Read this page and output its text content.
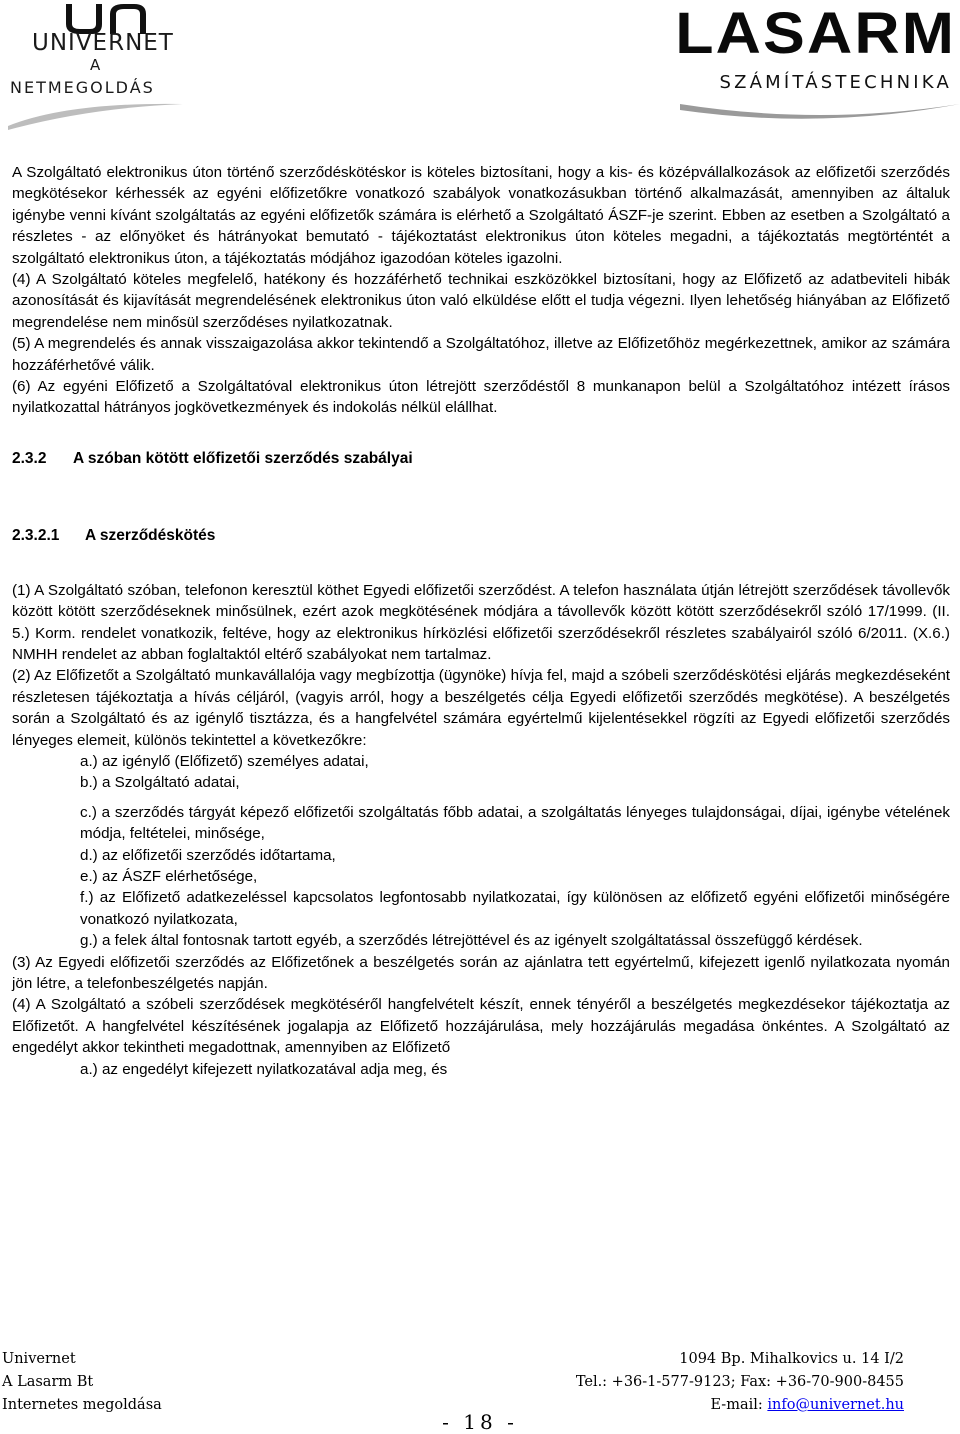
UNIVERNET
A
NETMEGOLDÁS
LASARM
SZÁMÍTÁSTECHNIKA

A Szolgáltató elektronikus úton történő szerződéskötéskor is köteles biztosítani, hogy a kis- és középvállalkozások az előfizetői szerződés megkötésekor kérhessék az egyéni előfizetőkre vonatkozó szabályok vonatkozásukban történő alkalmazását, amennyiben az általuk igénybe venni kívánt szolgáltatás az egyéni előfizetők számára is elérhető a Szolgáltató ÁSZF-je szerint. Ebben az esetben a Szolgáltató a részletes - az előnyöket és hátrányokat bemutató - tájékoztatást elektronikus úton köteles megadni, a tájékoztatás megtörténtét a szolgáltató elektronikus úton, a tájékoztatás módjához igazodóan köteles igazolni.

(4) A Szolgáltató köteles megfelelő, hatékony és hozzáférhető technikai eszközökkel biztosítani, hogy az Előfizető az adatbeviteli hibák azonosítását és kijavítását megrendelésének elektronikus úton való elküldése előtt el tudja végezni. Ilyen lehetőség hiányában az Előfizető megrendelése nem minősül szerződéses nyilatkozatnak.

(5) A megrendelés és annak visszaigazolása akkor tekintendő a Szolgáltatóhoz, illetve az Előfizetőhöz megérkezettnek, amikor az számára hozzáférhetővé válik.

(6) Az egyéni Előfizető a Szolgáltatóval elektronikus úton létrejött szerződéstől 8 munkanapon belül a Szolgáltatóhoz intézett írásos nyilatkozattal hátrányos jogkövetkezmények és indokolás nélkül elállhat.

2.3.2	A szóban kötött előfizetői szerződés szabályai
2.3.2.1	A szerződéskötés

(1) A Szolgáltató szóban, telefonon keresztül köthet Egyedi előfizetői szerződést. A telefon használata útján létrejött szerződések távollevők között kötött szerződéseknek minősülnek, ezért azok megkötésének módjára a távollevők között kötött szerződésekről szóló 17/1999. (II. 5.) Korm. rendelet vonatkozik, feltéve, hogy az elektronikus hírközlési előfizetői szerződésekről részletes szabályairól szóló 6/2011. (X.6.) NMHH rendelet az abban foglaltaktól eltérő szabályokat nem tartalmaz.

(2) Az Előfizetőt a Szolgáltató munkavállalója vagy megbízottja (ügynöke) hívja fel, majd a szóbeli szerződéskötési eljárás megkezdéseként részletesen tájékoztatja a hívás céljáról, (vagyis arról, hogy a beszélgetés célja Egyedi előfizetői szerződés megkötése). A beszélgetés során a Szolgáltató és az igénylő tisztázza, és a hangfelvétel számára egyértelmű kijelentésekkel rögzíti az Egyedi előfizetői szerződés lényeges elemeit, különös tekintettel a következőkre:

a.) az igénylő (Előfizető) személyes adatai,

b.) a Szolgáltató adatai,

c.) a szerződés tárgyát képező előfizetői szolgáltatás főbb adatai, a szolgáltatás lényeges tulajdonságai, díjai, igénybe vételének módja, feltételei, minősége,

d.) az előfizetői szerződés időtartama,

e.) az ÁSZF elérhetősége,

f.) az Előfizető adatkezeléssel kapcsolatos legfontosabb nyilatkozatai, így különösen az előfizető egyéni előfizetői minőségére vonatkozó nyilatkozata,

g.) a felek által fontosnak tartott egyéb, a szerződés létrejöttével és az igényelt szolgáltatással összefüggő kérdések.

(3) Az Egyedi előfizetői szerződés az Előfizetőnek a beszélgetés során az ajánlatra tett egyértelmű, kifejezett igenlő nyilatkozata nyomán jön létre, a telefonbeszélgetés napján.

(4) A Szolgáltató a szóbeli szerződések megkötéséről hangfelvételt készít, ennek tényéről a beszélgetés megkezdésekor tájékoztatja az Előfizetőt. A hangfelvétel készítésének jogalapja az Előfizető hozzájárulása, mely hozzájárulás megadása önkéntes. A Szolgáltató az engedélyt akkor tekintheti megadottnak, amennyiben az Előfizető

a.) az engedélyt kifejezett nyilatkozatával adja meg, és

Univernet
A Lasarm Bt
Internetes megoldása
1094 Bp. Mihalkovics u. 14 I/2
Tel.: +36-1-577-9123; Fax: +36-70-900-8455
E-mail: info@univernet.hu
- 18 -
